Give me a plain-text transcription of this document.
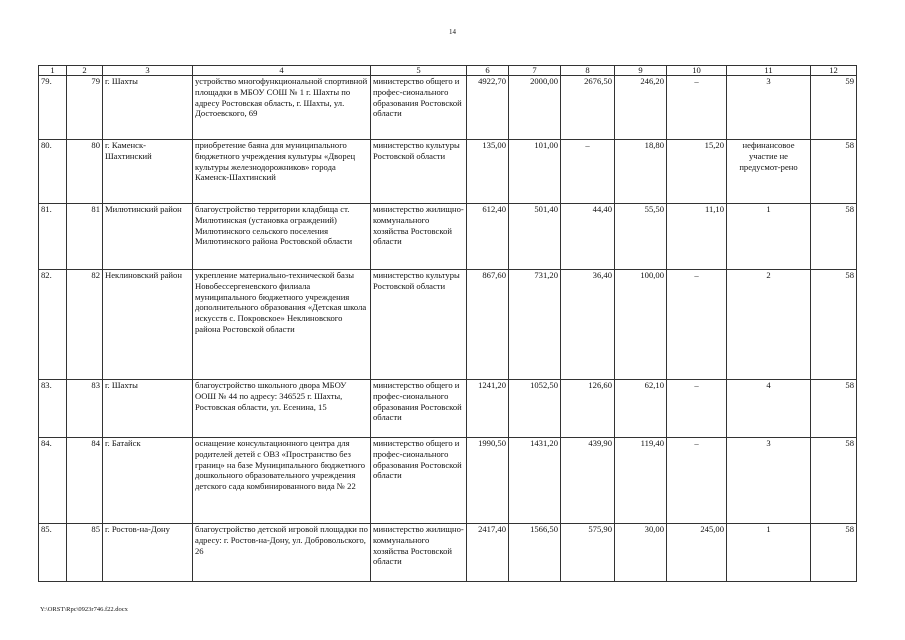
14
1	2	3	4	5	6	7	8	9	10	11	12
79.	79	г. Шахты	устройство многофункциональной спортивной площадки в МБОУ СОШ № 1 г. Шахты по адресу Ростовская область, г. Шахты, ул. Достоевского, 69	министерство общего и профес-сионального образования Ростовской области	4922,70	2000,00	2676,50	246,20	–	3	59
80.	80	г. Каменск-Шахтинский	приобретение баяна для муниципального бюджетного учреждения культуры «Дворец культуры железнодорожников» города Каменск-Шахтинский	министерство культуры Ростовской области	135,00	101,00	–	18,80	15,20	нефинансовое участие не предусмот-рено	58
81.	81	Милютинский район	благоустройство территории кладбища ст. Милютинская (установка ограждений) Милютинского сельского поселения Милютинского района Ростовской области	министерство жилищно-коммунального хозяйства Ростовской области	612,40	501,40	44,40	55,50	11,10	1	58
82.	82	Неклиновский район	укрепление материально-технической базы Новобессергеневского филиала муниципального бюджетного учреждения дополнительного образования «Детская школа искусств с. Покровское» Неклиновского района Ростовской области	министерство культуры Ростовской области	867,60	731,20	36,40	100,00	–	2	58
83.	83	г. Шахты	благоустройство школьного двора МБОУ ООШ № 44 по адресу: 346525 г. Шахты, Ростовская области, ул. Есенина, 15	министерство общего и профес-сионального образования Ростовской области	1241,20	1052,50	126,60	62,10	–	4	58
84.	84	г. Батайск	оснащение консультационного центра для родителей детей с ОВЗ «Пространство без границ» на базе Муниципального бюджетного дошкольного образовательного учреждения детского сада комбинированного вида № 22	министерство общего и профес-сионального образования Ростовской области	1990,50	1431,20	439,90	119,40	–	3	58
85.	85	г. Ростов-на-Дону	благоустройство детской игровой площадки по адресу: г. Ростов-на-Дону, ул. Добровольского, 26	министерство жилищно-коммунального хозяйства Ростовской области	2417,40	1566,50	575,90	30,00	245,00	1	58
Y:\ORST\Rpc\0923r746.f22.docx
